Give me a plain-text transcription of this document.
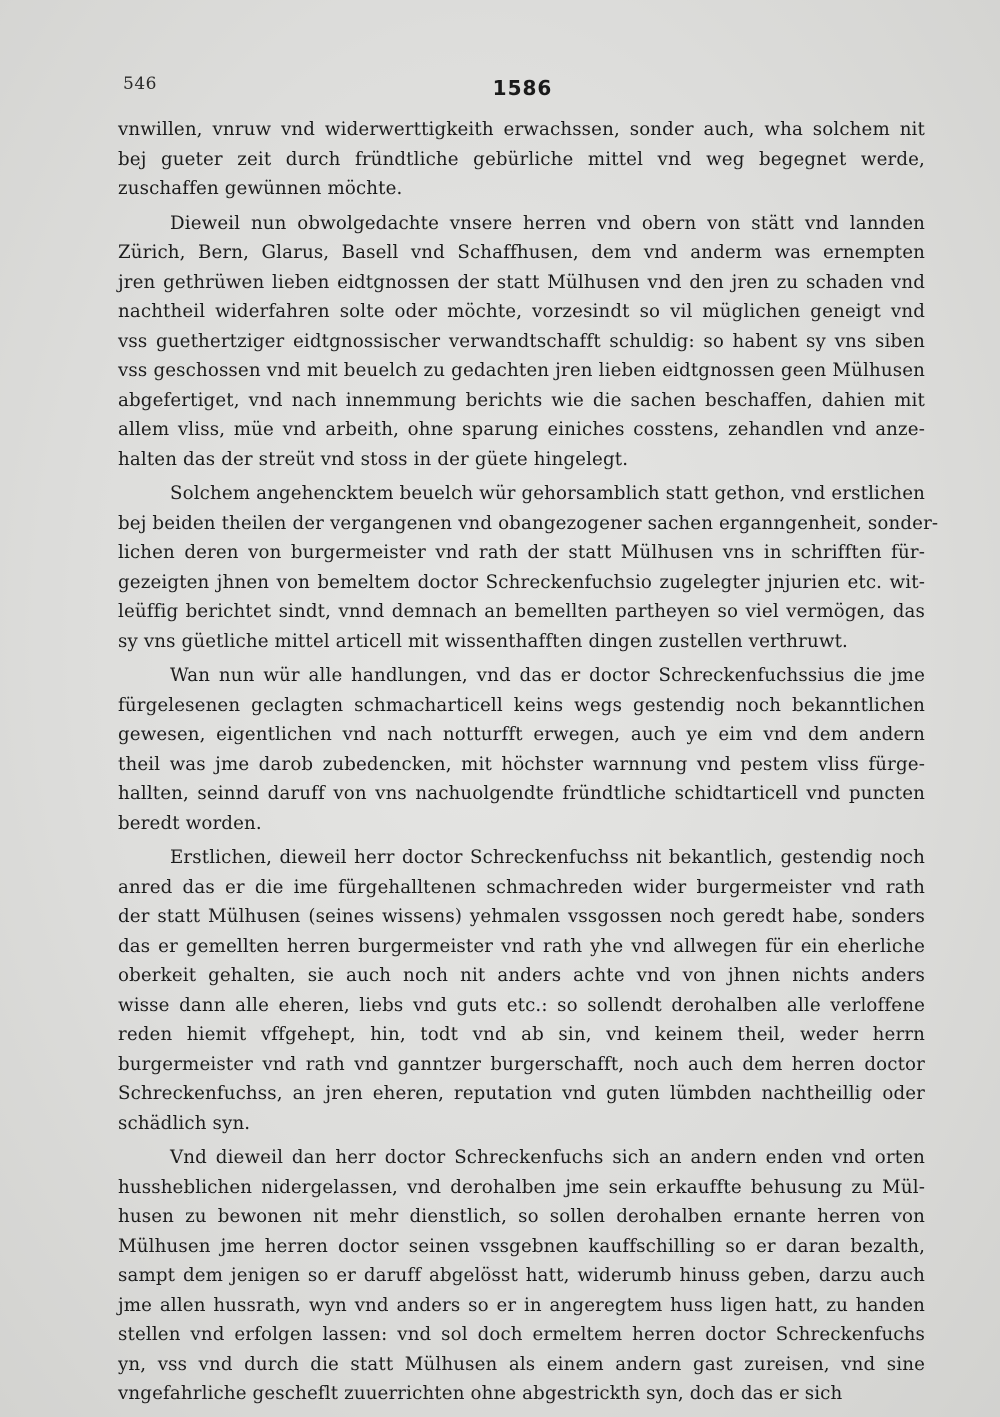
546	1586
vnwillen, vnruw vnd widerwerttigkeith erwachssen, sonder auch, wha solchem nit
bej gueter zeit durch fründtliche gebürliche mittel vnd weg begegnet werde,
zuschaffen gewünnen möchte.
Dieweil nun obwolgedachte vnsere herren vnd obern von stätt vnd lannden
Zürich, Bern, Glarus, Basell vnd Schaffhusen, dem vnd anderm was ernempten
jren gethrüwen lieben eidtgnossen der statt Mülhusen vnd den jren zu schaden vnd
nachtheil widerfahren solte oder möchte, vorzesindt so vil müglichen geneigt vnd
vss guethertziger eidtgnossischer verwandtschafft schuldig: so habent sy vns siben
vss geschossen vnd mit beuelch zu gedachten jren lieben eidtgnossen geen Mülhusen
abgefertiget, vnd nach innemmung berichts wie die sachen beschaffen, dahien mit
allem vliss, müe vnd arbeith, ohne sparung einiches cosstens, zehandlen vnd anze-
halten das der streüt vnd stoss in der güete hingelegt.
Solchem angehencktem beuelch wür gehorsamblich statt gethon, vnd erstlichen
bej beiden theilen der vergangenen vnd obangezogener sachen erganngenheit, sonder-
lichen deren von burgermeister vnd rath der statt Mülhusen vns in schrifften für-
gezeigten jhnen von bemeltem doctor Schreckenfuchsio zugelegter jnjurien etc. wit-
leüffig berichtet sindt, vnnd demnach an bemellten partheyen so viel vermögen, das
sy vns güetliche mittel articell mit wissenthafften dingen zustellen verthruwt.
Wan nun wür alle handlungen, vnd das er doctor Schreckenfuchssius die jme
fürgelesenen geclagten schmacharticell keins wegs gestendig noch bekanntlichen
gewesen, eigentlichen vnd nach notturfft erwegen, auch ye eim vnd dem andern
theil was jme darob zubedencken, mit höchster warnnung vnd pestem vliss fürge-
hallten, seinnd daruff von vns nachuolgendte fründtliche schidtarticell vnd puncten
beredt worden.
Erstlichen, dieweil herr doctor Schreckenfuchss nit bekantlich, gestendig noch
anred das er die ime fürgehalltenen schmachreden wider burgermeister vnd rath
der statt Mülhusen (seines wissens) yehmalen vssgossen noch geredt habe, sonders
das er gemellten herren burgermeister vnd rath yhe vnd allwegen für ein eherliche
oberkeit gehalten, sie auch noch nit anders achte vnd von jhnen nichts anders
wisse dann alle eheren, liebs vnd guts etc.: so sollendt derohalben alle verloffene
reden hiemit vffgehept, hin, todt vnd ab sin, vnd keinem theil, weder herrn
burgermeister vnd rath vnd ganntzer burgerschafft, noch auch dem herren doctor
Schreckenfuchss, an jren eheren, reputation vnd guten lümbden nachtheillig oder
schädlich syn.
Vnd dieweil dan herr doctor Schreckenfuchs sich an andern enden vnd orten
husshеblichen nidergelassen, vnd derohalben jme sein erkauffte behusung zu Mül-
husen zu bewonen nit mehr dienstlich, so sollen derohalben ernante herren von
Mülhusen jme herren doctor seinen vssgebnen kauffschilling so er daran bezalth,
sampt dem jenigen so er daruff abgelösst hatt, widerumb hinuss geben, darzu auch
jme allen hussrath, wyn vnd anders so er in angeregtem huss ligen hatt, zu handen
stellen vnd erfolgen lassen: vnd sol doch ermeltem herren doctor Schreckenfuchs
yn, vss vnd durch die statt Mülhusen als einem andern gast zureisen, vnd sine
vngefahrliche gescheflt zuuerrichten ohne abgestrickth syn, doch das er sich
